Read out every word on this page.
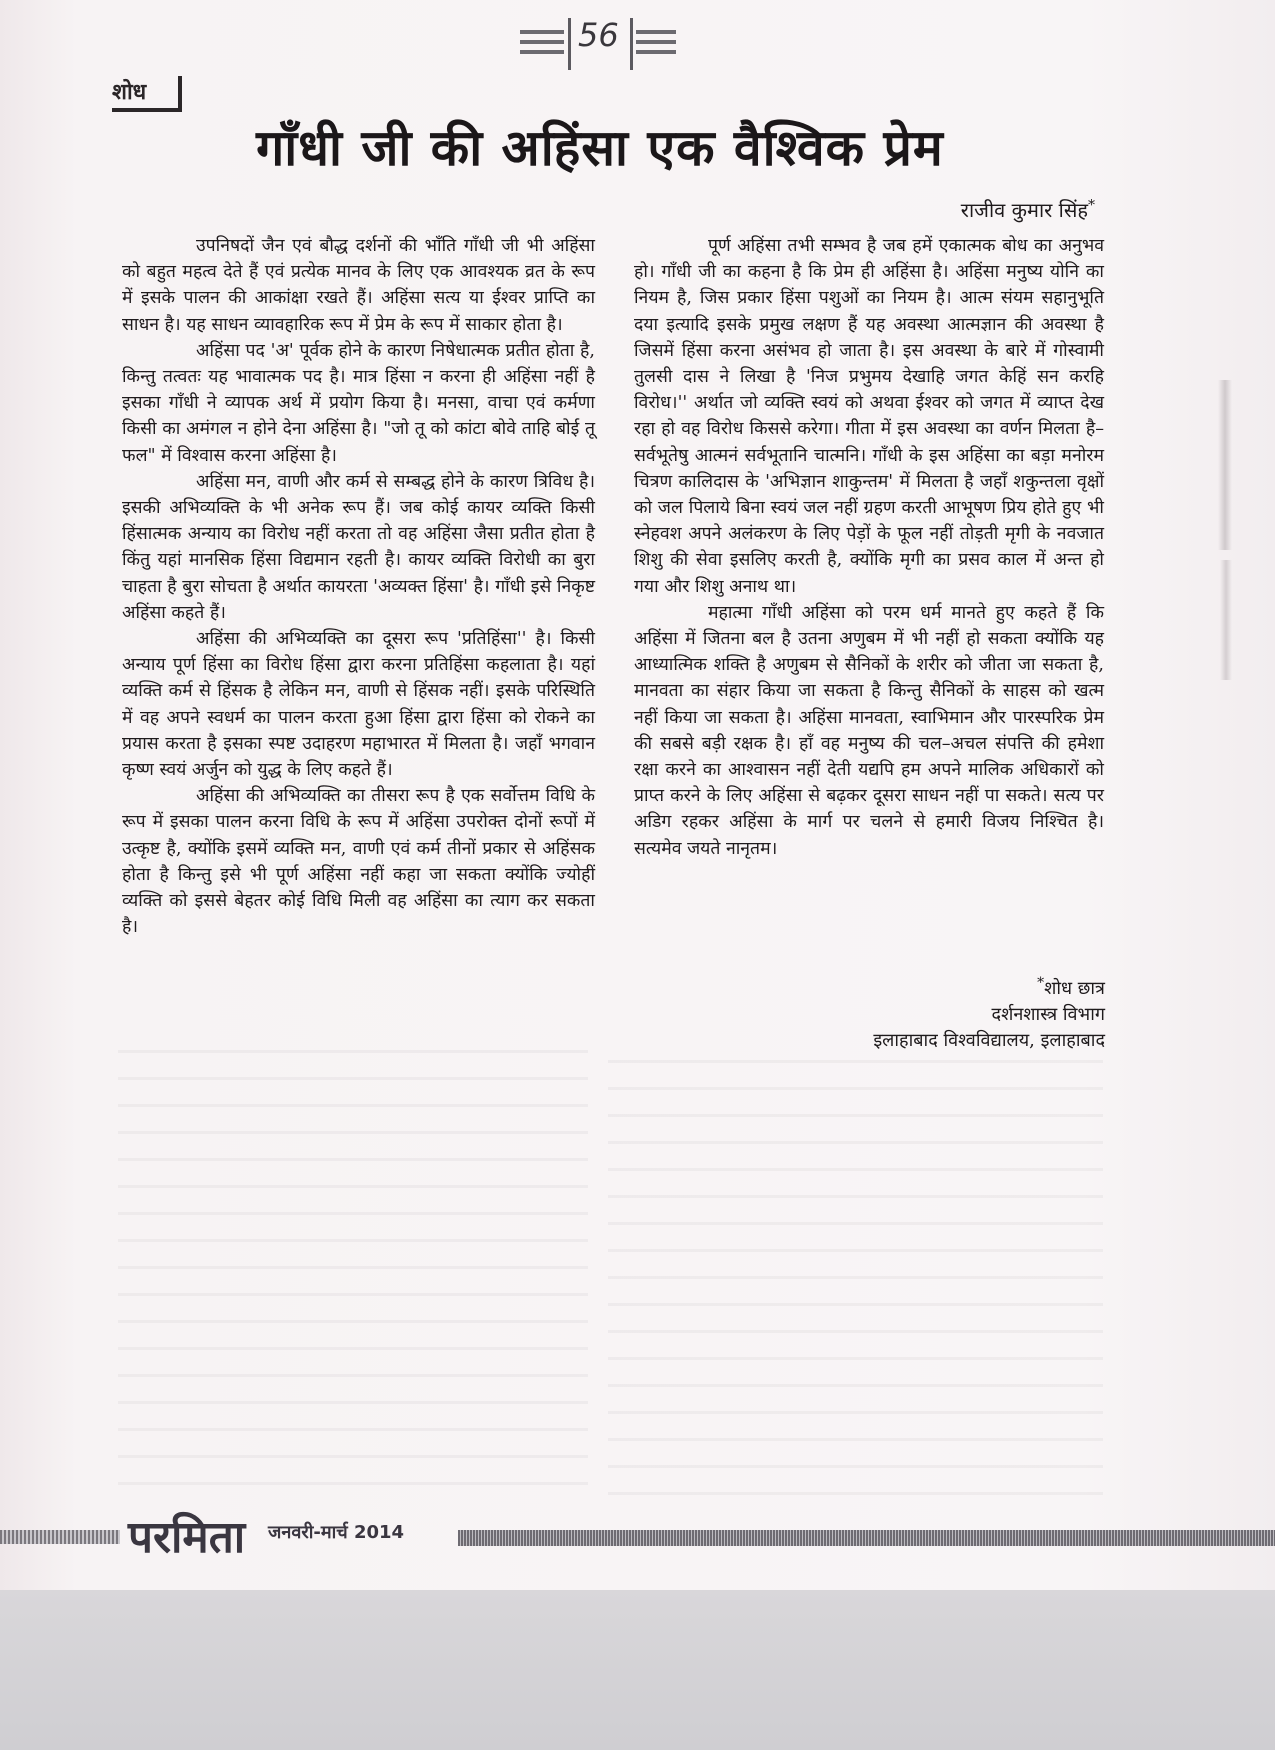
56
शोध
गाँधी जी की अहिंसा एक वैश्विक प्रेम
राजीव कुमार सिंह*

उपनिषदों जैन एवं बौद्ध दर्शनों की भाँति गाँधी जी भी अहिंसा को बहुत महत्व देते हैं एवं प्रत्येक मानव के लिए एक आवश्यक व्रत के रूप में इसके पालन की आकांक्षा रखते हैं। अहिंसा सत्य या ईश्वर प्राप्ति का साधन है। यह साधन व्यावहारिक रूप में प्रेम के रूप में साकार होता है।

अहिंसा पद 'अ' पूर्वक होने के कारण निषेधात्मक प्रतीत होता है, किन्तु तत्वतः यह भावात्मक पद है। मात्र हिंसा न करना ही अहिंसा नहीं है इसका गाँधी ने व्यापक अर्थ में प्रयोग किया है। मनसा, वाचा एवं कर्मणा किसी का अमंगल न होने देना अहिंसा है। "जो तू को कांटा बोवे ताहि बोई तू फल" में विश्वास करना अहिंसा है।

अहिंसा मन, वाणी और कर्म से सम्बद्ध होने के कारण त्रिविध है। इसकी अभिव्यक्ति के भी अनेक रूप हैं। जब कोई कायर व्यक्ति किसी हिंसात्मक अन्याय का विरोध नहीं करता तो वह अहिंसा जैसा प्रतीत होता है किंतु यहां मानसिक हिंसा विद्यमान रहती है। कायर व्यक्ति विरोधी का बुरा चाहता है बुरा सोचता है अर्थात कायरता 'अव्यक्त हिंसा' है। गाँधी इसे निकृष्ट अहिंसा कहते हैं।

अहिंसा की अभिव्यक्ति का दूसरा रूप 'प्रतिहिंसा'' है। किसी अन्याय पूर्ण हिंसा का विरोध हिंसा द्वारा करना प्रतिहिंसा कहलाता है। यहां व्यक्ति कर्म से हिंसक है लेकिन मन, वाणी से हिंसक नहीं। इसके परिस्थिति में वह अपने स्वधर्म का पालन करता हुआ हिंसा द्वारा हिंसा को रोकने का प्रयास करता है इसका स्पष्ट उदाहरण महाभारत में मिलता है। जहाँ भगवान कृष्ण स्वयं अर्जुन को युद्ध के लिए कहते हैं।

अहिंसा की अभिव्यक्ति का तीसरा रूप है एक सर्वोत्तम विधि के रूप में इसका पालन करना विधि के रूप में अहिंसा उपरोक्त दोनों रूपों में उत्कृष्ट है, क्योंकि इसमें व्यक्ति मन, वाणी एवं कर्म तीनों प्रकार से अहिंसक होता है किन्तु इसे भी पूर्ण अहिंसा नहीं कहा जा सकता क्योंकि ज्योहीं व्यक्ति को इससे बेहतर कोई विधि मिली वह अहिंसा का त्याग कर सकता है।

पूर्ण अहिंसा तभी सम्भव है जब हमें एकात्मक बोध का अनुभव हो। गाँधी जी का कहना है कि प्रेम ही अहिंसा है। अहिंसा मनुष्य योनि का नियम है, जिस प्रकार हिंसा पशुओं का नियम है। आत्म संयम सहानुभूति दया इत्यादि इसके प्रमुख लक्षण हैं यह अवस्था आत्मज्ञान की अवस्था है जिसमें हिंसा करना असंभव हो जाता है। इस अवस्था के बारे में गोस्वामी तुलसी दास ने लिखा है 'निज प्रभुमय देखाहि जगत केहिं सन करहि विरोध।'' अर्थात जो व्यक्ति स्वयं को अथवा ईश्वर को जगत में व्याप्त देख रहा हो वह विरोध किससे करेगा। गीता में इस अवस्था का वर्णन मिलता है– सर्वभूतेषु आत्मनं सर्वभूतानि चात्मनि। गाँधी के इस अहिंसा का बड़ा मनोरम चित्रण कालिदास के 'अभिज्ञान शाकुन्तम' में मिलता है जहाँ शकुन्तला वृक्षों को जल पिलाये बिना स्वयं जल नहीं ग्रहण करती आभूषण प्रिय होते हुए भी स्नेहवश अपने अलंकरण के लिए पेड़ों के फूल नहीं तोड़ती मृगी के नवजात शिशु की सेवा इसलिए करती है, क्योंकि मृगी का प्रसव काल में अन्त हो गया और शिशु अनाथ था।

महात्मा गाँधी अहिंसा को परम धर्म मानते हुए कहते हैं कि अहिंसा में जितना बल है उतना अणुबम में भी नहीं हो सकता क्योंकि यह आध्यात्मिक शक्ति है अणुबम से सैनिकों के शरीर को जीता जा सकता है, मानवता का संहार किया जा सकता है किन्तु सैनिकों के साहस को खत्म नहीं किया जा सकता है। अहिंसा मानवता, स्वाभिमान और पारस्परिक प्रेम की सबसे बड़ी रक्षक है। हाँ वह मनुष्य की चल–अचल संपत्ति की हमेशा रक्षा करने का आश्वासन नहीं देती यद्यपि हम अपने मालिक अधिकारों को प्राप्त करने के लिए अहिंसा से बढ़कर दूसरा साधन नहीं पा सकते। सत्य पर अडिग रहकर अहिंसा के मार्ग पर चलने से हमारी विजय निश्चित है। सत्यमेव जयते नानृतम।

*शोध छात्र
दर्शनशास्त्र विभाग
इलाहाबाद विश्वविद्यालय, इलाहाबाद
परमिता जनवरी-मार्च 2014
